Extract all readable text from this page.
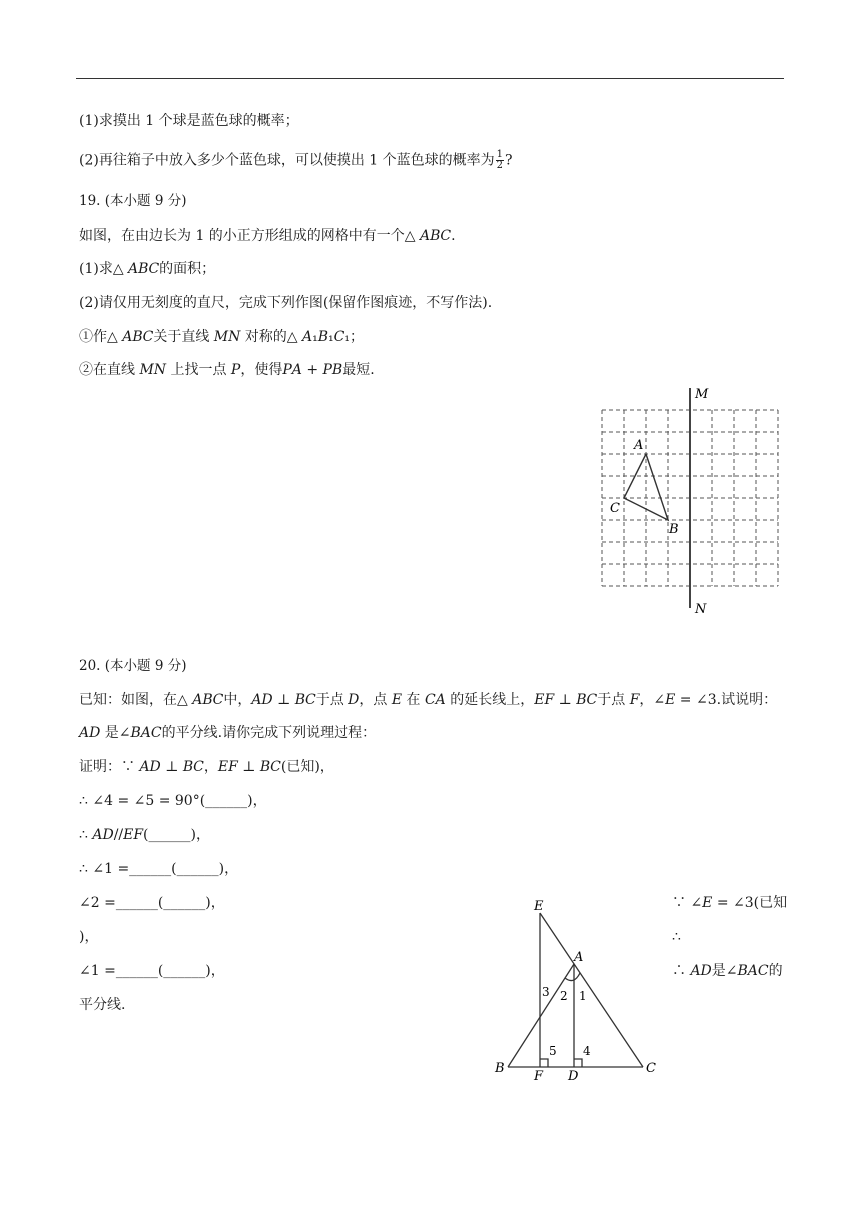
(1)求摸出 1 个球是蓝色球的概率；
(2)再往箱子中放入多少个蓝色球，可以使摸出 1 个蓝色球的概率为 $\frac{1}{2}$ ?
19. (本小题 9 分)
如图，在由边长为 1 的小正方形组成的网格中有一个△ 𝐴𝐵𝐶.
(1)求△ 𝐴𝐵𝐶的面积；
(2)请仅用无刻度的直尺，完成下列作图(保留作图痕迹，不写作法).
①作△ 𝐴𝐵𝐶关于直线 𝑀𝑁 对称的△ 𝐴₁𝐵₁𝐶₁；
②在直线 𝑀𝑁 上找一点 𝑃，使得𝑃𝐴 + 𝑃𝐵最短.
M
N
A
C
B
20. (本小题 9 分)
已知：如图，在△ 𝐴𝐵𝐶中，𝐴𝐷 ⊥ 𝐵𝐶于点 𝐷，点 𝐸 在 𝐶𝐴 的延长线上，𝐸𝐹 ⊥ 𝐵𝐶于点 𝐹，∠𝐸 = ∠3.试说明：
𝐴𝐷 是∠𝐵𝐴𝐶的平分线.请你完成下列说理过程：
证明：∵ 𝐴𝐷 ⊥ 𝐵𝐶，𝐸𝐹 ⊥ 𝐵𝐶(已知)，
∴ ∠4 = ∠5 = 90°(______)，
∴ 𝐴𝐷//𝐸𝐹(______)，
∴ ∠1 =______(______)，
∠2 =______(______)，
)，
∠1 =______(______)，
平分线.
∵ ∠𝐸 = ∠3(已知
∴
∴ 𝐴𝐷是∠𝐵𝐴𝐶的
E
A
B
F D
C
2 1
3
5 4
